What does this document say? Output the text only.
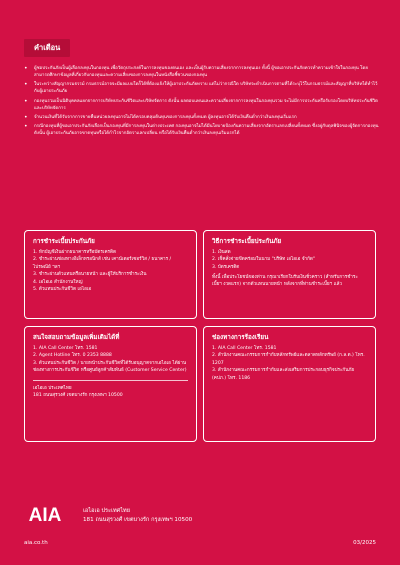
คำเตือน
• ผู้ชอประกันภัยเป็นผู้เลือกลงทุนในกองทุน เพื่อวัตถุประสงค์ในการลงทุนของตนเอง และเป็นผู้รับความเสี่ยงจากการลงทุนเอง ทั้งนี้ ผู้ขอเอาประกันภัยควรทำความเข้าใจในกองทุน โดยสามารถศึกษาข้อมูลที่เกี่ยวกับกองทุนและความเสี่ยงของการลงทุนในหนังสือชี้ชวนของกองทุน
• ในระหว่างสัญญากรมธรรม์ กรมธรรม์อาจจะมีผลแบบใดก็ได้ที่ต้องแจ้งให้ผู้เอาประกันภัยทราบ แต่ไม่ว่ากรณีใด บริษัทจะดำเนินการตามที่ได้ระบุไว้ในกรมธรรม์และสัญญาที่บริษัทได้ทำไว้กับผู้เอาประกันภัย
• กองทุนรวมเป็นนิติบุคคลแยกจากการบริษัทประกันชีวิตและบริษัทจัดการ ดังนั้น ผลตอบแทนและความเสี่ยงจากการลงทุนในกองทุนรวม จะไม่มีการประกันหรือรับรองโดยบริษัทประกันชีวิต และบริษัทจัดการ
• จำนวนเงินที่ได้รับจากการขายคืนหน่วยลงทุนอาจไม่ได้ครอบคลุมต้นทุนของการลงทุนทั้งหมด ผู้ลงทุนอาจได้รับเงินคืนต่ำกว่าเงินลงทุนเริ่มแรก
• กรณีกองทุนที่ผู้ขอเอาประกันภัยเลือกเป็นกองทุนที่มีการลงทุนในต่างประเทศ กองทุนอาจไม่ได้มีนโยบายป้องกันความเสี่ยงจากอัตราแลกเปลี่ยนทั้งหมด ซึ่งอยู่กับดุลพินิจของผู้จัดการกองทุน ดังนั้น ผู้เอาประกันภัยอาจขาดทุนหรือได้กำไรจากอัตราแลกเปลี่ยน หรือได้รับเงินคืนต่ำกว่าเงินลงทุนเริ่มแรกได้
การชำระเบี้ยประกันภัย
1. หักบัญชีเงินฝากธนาคารหรือบัตรเครดิต
2. ชำระผ่านช่องทางอิเล็กทรอนิกส์ เช่น เคาน์เตอร์เซอร์วิส / ธนาคาร / ไปรษณีย์ ฯลฯ
3. ชำระผ่านตัวแทนหรือนายหน้า และผู้ให้บริการชำระเงิน
4. เอไอเอ สำนักงานใหญ่
5. ตัวแทนประกันชีวิต เอไอเอ
วิธีการชำระเบี้ยประกันภัย
1. เงินสด
2. เช็คสั่งจ่ายขีดคร่อมในนาม "บริษัท เอไอเอ จำกัด"
3. บัตรเครดิต
ทั้งนี้ เพื่อประโยชน์ของท่าน กรุณาเรียกใบรับเงินชั่วคราว (สำหรับการชำระเบี้ยฯ งวดแรก) จากตัวแทนนายหน้า หลังจากที่ท่านชำระเบี้ยฯ แล้ว
สนใจสอบถามข้อมูลเพิ่มเติมได้ที่
1. AIA Call Center โทร. 1581
2. Agent Hotline โทร. 0 2353 8888
3. ตัวแทนประกันชีวิต / นายหน้าประกันชีวิตที่ได้รับอนุญาตจากเอไอเอ ได้ผ่านช่องทางการประกันชีวิต หรือศูนย์ลูกค้าสัมพันธ์ (Customer Service Center)
เอไอเอ ประเทศไทย
181 ถนนสุรวงศ์ เขตบางรัก กรุงเทพฯ 10500
ช่องทางการร้องเรียน
1. AIA Call Center โทร. 1581
2. สำนักงานคณะกรรมการกำกับหลักทรัพย์และตลาดหลักทรัพย์ (ก.ล.ต.) โทร. 1207
3. สำนักงานคณะกรรมการกำกับและส่งเสริมการประกอบธุรกิจประกันภัย (คปภ.) โทร. 1186
AIA	เอไอเอ ประเทศไทย
181 ถนนสุรวงศ์ เขตบางรัก กรุงเทพฯ 10500
aia.co.th	03/2025
